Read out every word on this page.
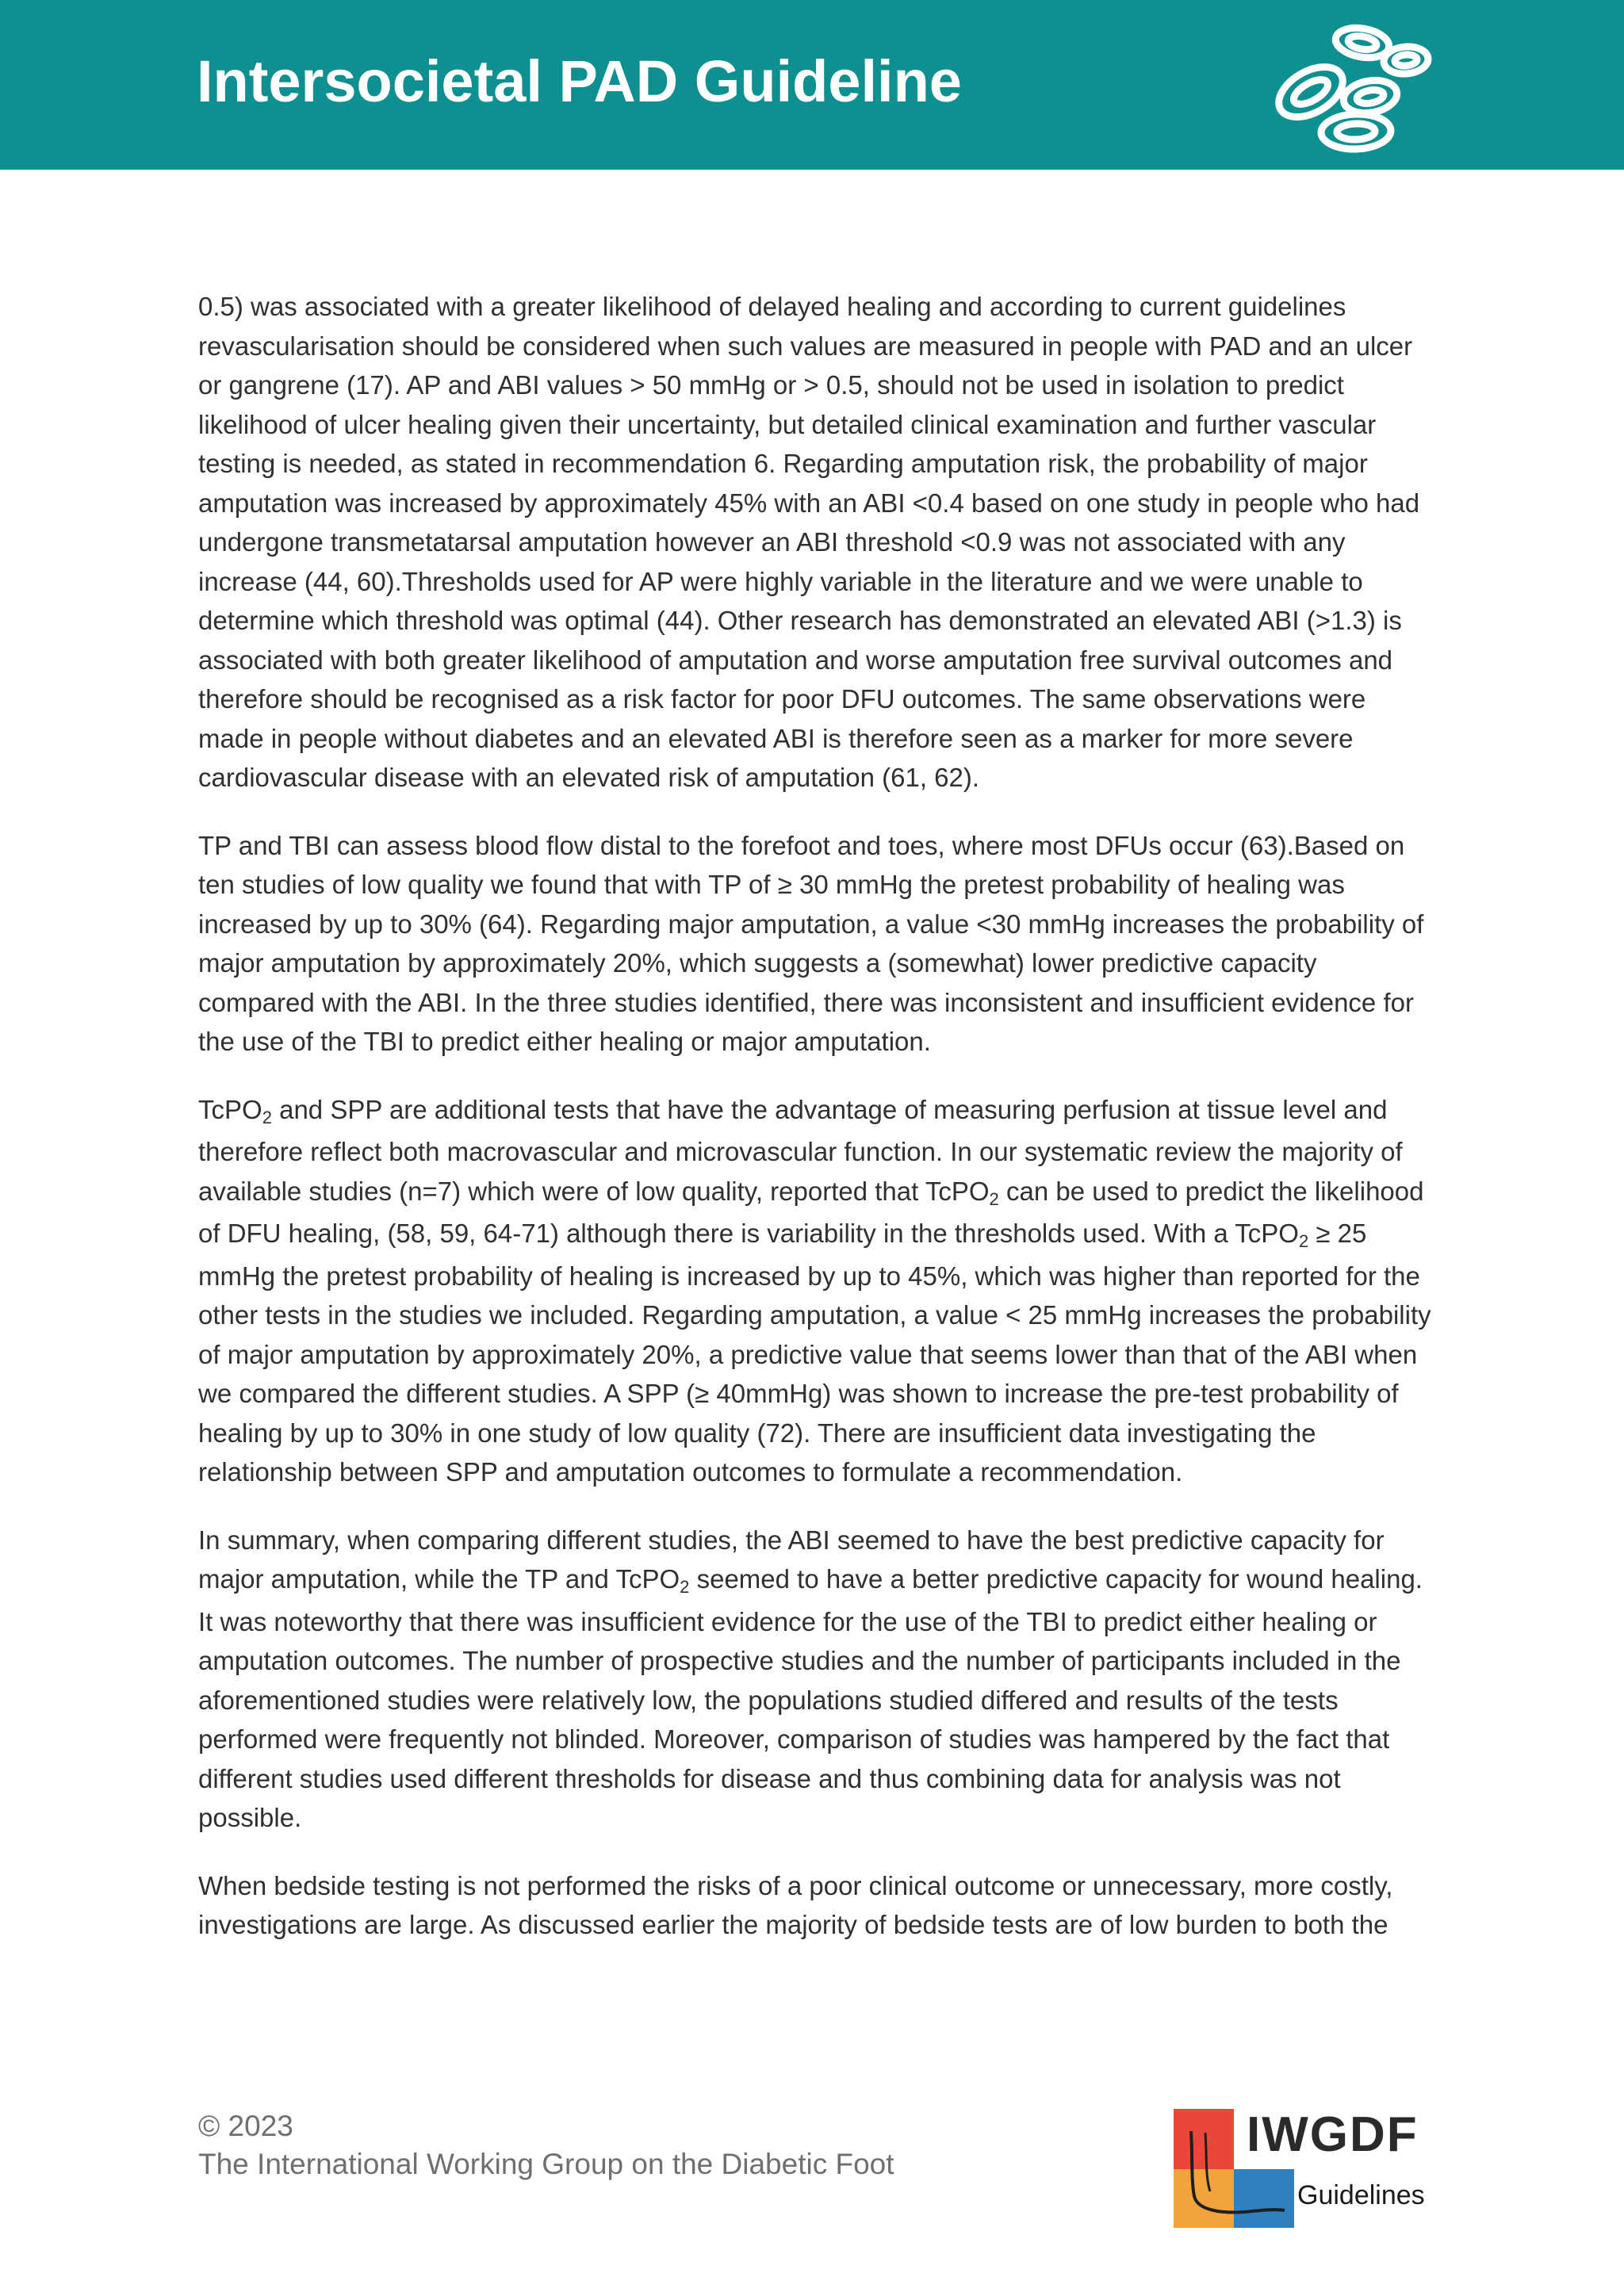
Intersocietal PAD Guideline

0.5) was associated with a greater likelihood of delayed healing and according to current guidelines revascularisation should be considered when such values are measured in people with PAD and an ulcer or gangrene (17). AP and ABI values > 50 mmHg or > 0.5, should not be used in isolation to predict likelihood of ulcer healing given their uncertainty, but detailed clinical examination and further vascular testing is needed, as stated in recommendation 6. Regarding amputation risk, the probability of major amputation was increased by approximately 45% with an ABI <0.4 based on one study in people who had undergone transmetatarsal amputation however an ABI threshold <0.9 was not associated with any increase (44, 60).Thresholds used for AP were highly variable in the literature and we were unable to determine which threshold was optimal (44). Other research has demonstrated an elevated ABI (>1.3) is associated with both greater likelihood of amputation and worse amputation free survival outcomes and therefore should be recognised as a risk factor for poor DFU outcomes. The same observations were made in people without diabetes and an elevated ABI is therefore seen as a marker for more severe cardiovascular disease with an elevated risk of amputation (61, 62).

TP and TBI can assess blood flow distal to the forefoot and toes, where most DFUs occur (63).Based on ten studies of low quality we found that with TP of ≥ 30 mmHg the pretest probability of healing was increased by up to 30% (64). Regarding major amputation, a value <30 mmHg increases the probability of major amputation by approximately 20%, which suggests a (somewhat) lower predictive capacity compared with the ABI. In the three studies identified, there was inconsistent and insufficient evidence for the use of the TBI to predict either healing or major amputation.

TcPO$_2$ and SPP are additional tests that have the advantage of measuring perfusion at tissue level and therefore reflect both macrovascular and microvascular function. In our systematic review the majority of available studies (n=7) which were of low quality, reported that TcPO$_2$ can be used to predict the likelihood of DFU healing, (58, 59, 64-71) although there is variability in the thresholds used. With a TcPO$_2$ ≥ 25 mmHg the pretest probability of healing is increased by up to 45%, which was higher than reported for the other tests in the studies we included. Regarding amputation, a value < 25 mmHg increases the probability of major amputation by approximately 20%, a predictive value that seems lower than that of the ABI when we compared the different studies. A SPP (≥ 40mmHg) was shown to increase the pre-test probability of healing by up to 30% in one study of low quality (72). There are insufficient data investigating the relationship between SPP and amputation outcomes to formulate a recommendation.

In summary, when comparing different studies, the ABI seemed to have the best predictive capacity for major amputation, while the TP and TcPO$_2$ seemed to have a better predictive capacity for wound healing. It was noteworthy that there was insufficient evidence for the use of the TBI to predict either healing or amputation outcomes. The number of prospective studies and the number of participants included in the aforementioned studies were relatively low, the populations studied differed and results of the tests performed were frequently not blinded. Moreover, comparison of studies was hampered by the fact that different studies used different thresholds for disease and thus combining data for analysis was not possible.

When bedside testing is not performed the risks of a poor clinical outcome or unnecessary, more costly, investigations are large. As discussed earlier the majority of bedside tests are of low burden to both the

© 2023
The International Working Group on the Diabetic Foot
IWGDF
Guidelines
